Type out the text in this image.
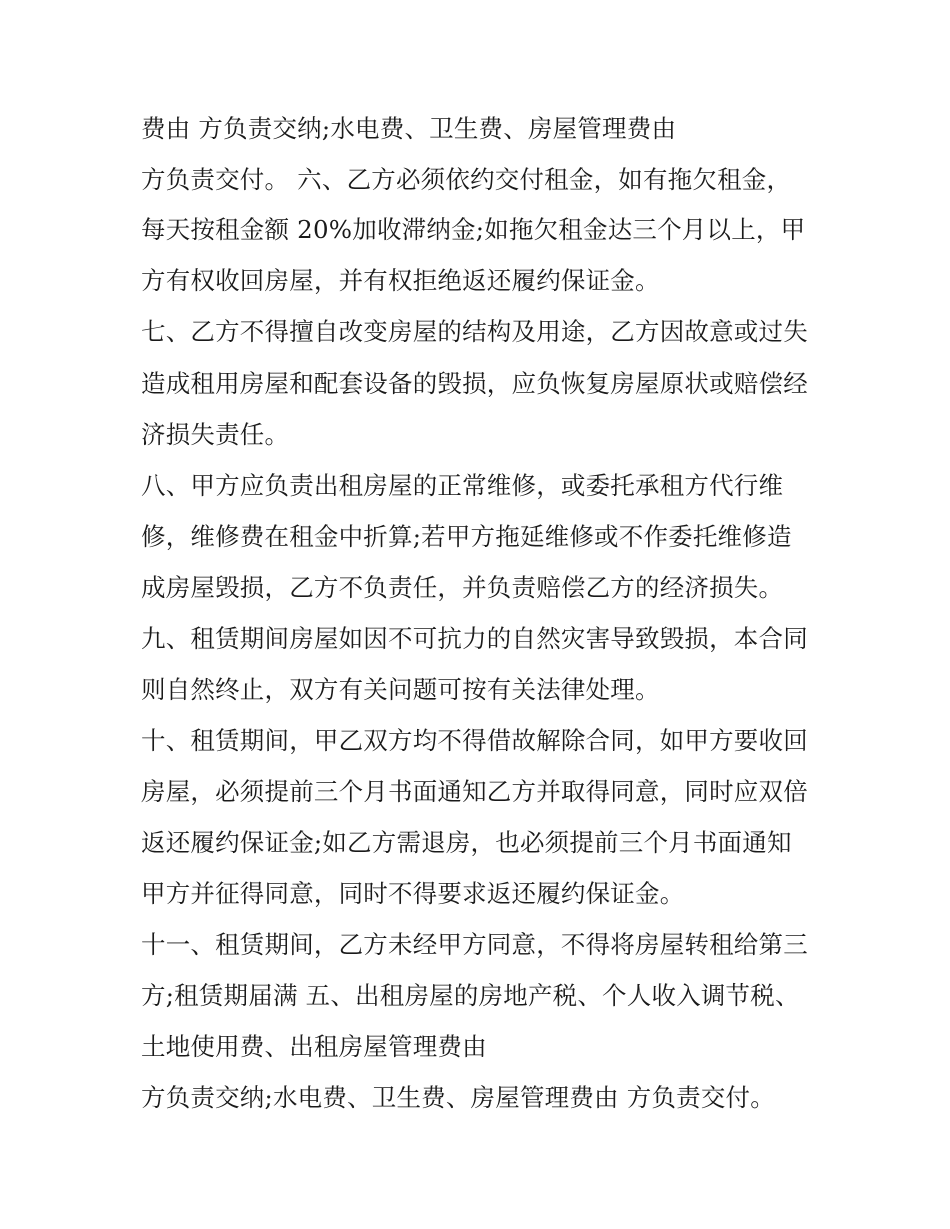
费由 方负责交纳;水电费、卫生费、房屋管理费由
方负责交付。 六、乙方必须依约交付租金，如有拖欠租金，
每天按租金额 20%加收滞纳金;如拖欠租金达三个月以上，甲
方有权收回房屋，并有权拒绝返还履约保证金。
七、乙方不得擅自改变房屋的结构及用途，乙方因故意或过失
造成租用房屋和配套设备的毁损，应负恢复房屋原状或赔偿经
济损失责任。
八、甲方应负责出租房屋的正常维修，或委托承租方代行维
修，维修费在租金中折算;若甲方拖延维修或不作委托维修造
成房屋毁损，乙方不负责任，并负责赔偿乙方的经济损失。
九、租赁期间房屋如因不可抗力的自然灾害导致毁损，本合同
则自然终止，双方有关问题可按有关法律处理。
十、租赁期间，甲乙双方均不得借故解除合同，如甲方要收回
房屋，必须提前三个月书面通知乙方并取得同意，同时应双倍
返还履约保证金;如乙方需退房，也必须提前三个月书面通知
甲方并征得同意，同时不得要求返还履约保证金。
十一、租赁期间，乙方未经甲方同意，不得将房屋转租给第三
方;租赁期届满 五、出租房屋的房地产税、个人收入调节税、
土地使用费、出租房屋管理费由
方负责交纳;水电费、卫生费、房屋管理费由 方负责交付。
